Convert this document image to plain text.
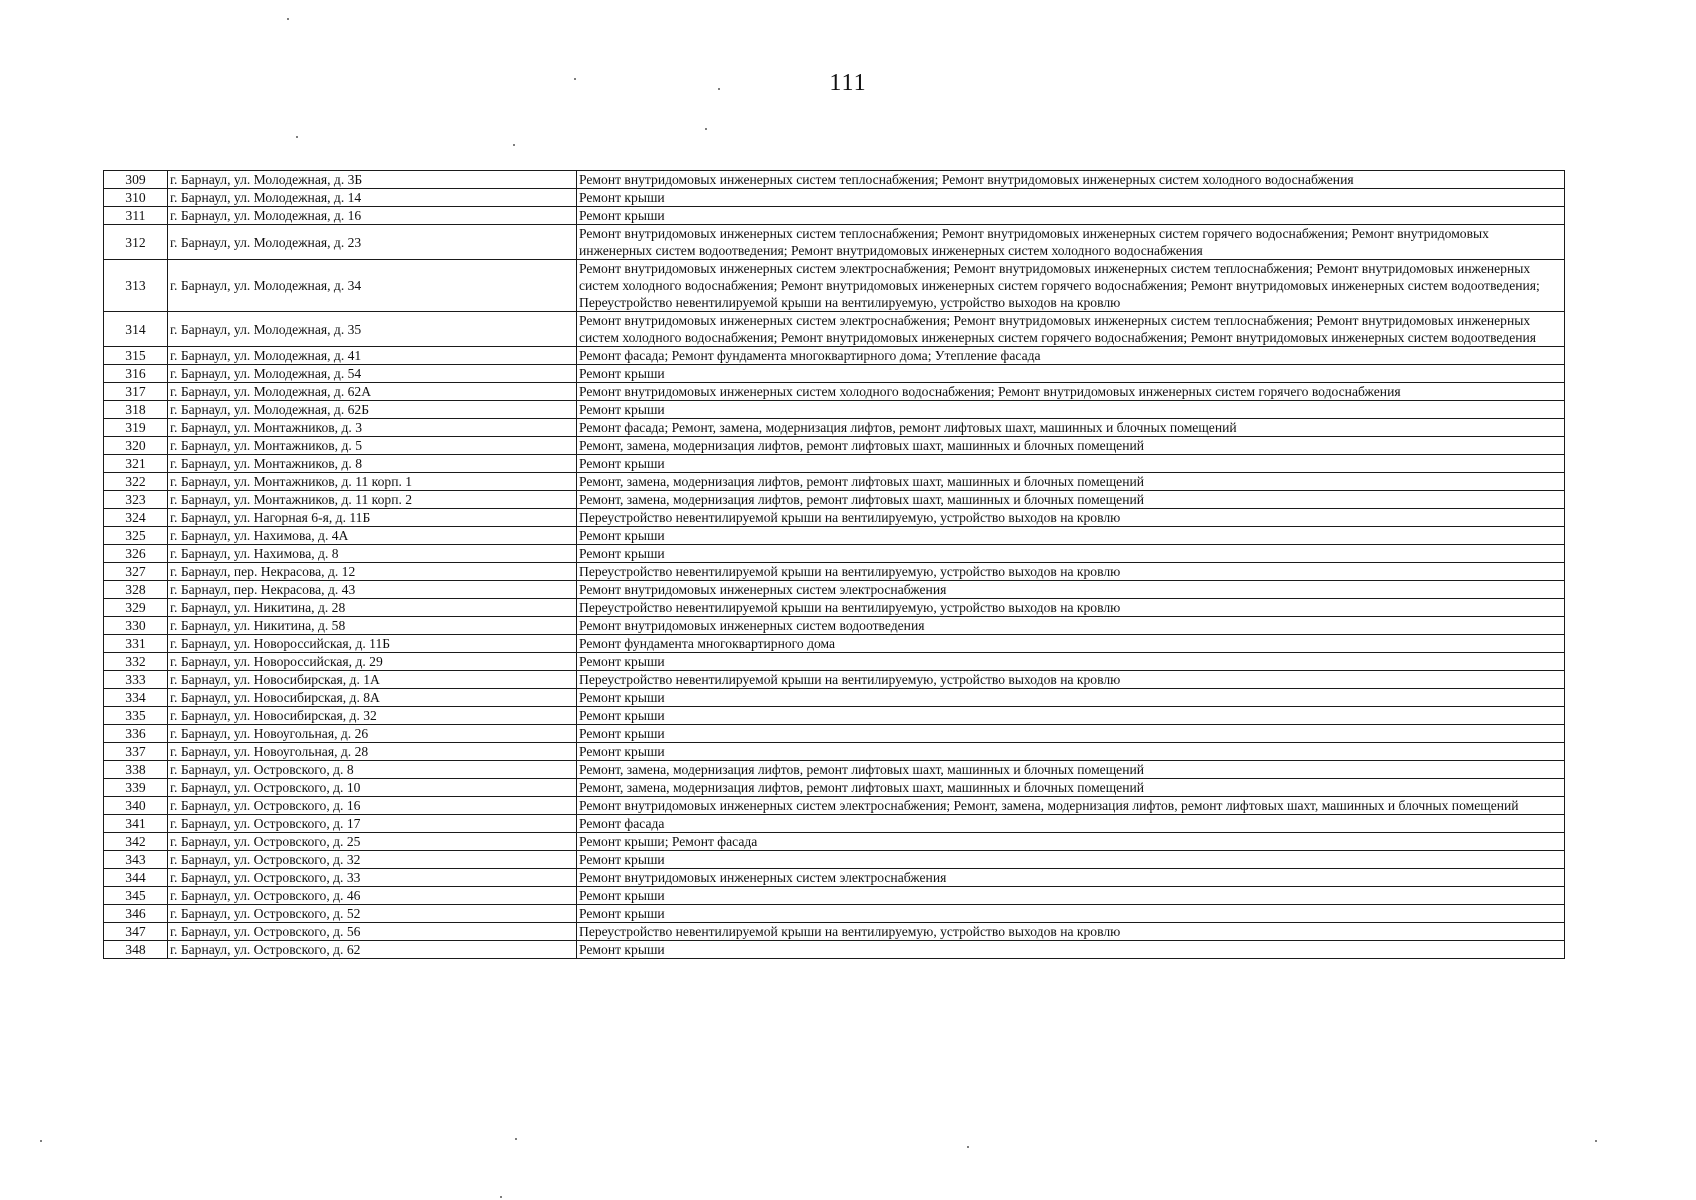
111
309	г. Барнаул, ул. Молодежная, д. 3Б	Ремонт внутридомовых инженерных систем теплоснабжения; Ремонт внутридомовых инженерных систем холодного водоснабжения
310	г. Барнаул, ул. Молодежная, д. 14	Ремонт крыши
311	г. Барнаул, ул. Молодежная, д. 16	Ремонт крыши
312	г. Барнаул, ул. Молодежная, д. 23	Ремонт внутридомовых инженерных систем теплоснабжения; Ремонт внутридомовых инженерных систем горячего водоснабжения; Ремонт внутридомовых инженерных систем водоотведения; Ремонт внутридомовых инженерных систем холодного водоснабжения
313	г. Барнаул, ул. Молодежная, д. 34	Ремонт внутридомовых инженерных систем электроснабжения; Ремонт внутридомовых инженерных систем теплоснабжения; Ремонт внутридомовых инженерных систем холодного водоснабжения; Ремонт внутридомовых инженерных систем горячего водоснабжения; Ремонт внутридомовых инженерных систем водоотведения; Переустройство невентилируемой крыши на вентилируемую, устройство выходов на кровлю
314	г. Барнаул, ул. Молодежная, д. 35	Ремонт внутридомовых инженерных систем электроснабжения; Ремонт внутридомовых инженерных систем теплоснабжения; Ремонт внутридомовых инженерных систем холодного водоснабжения; Ремонт внутридомовых инженерных систем горячего водоснабжения; Ремонт внутридомовых инженерных систем водоотведения
315	г. Барнаул, ул. Молодежная, д. 41	Ремонт фасада; Ремонт фундамента многоквартирного дома; Утепление фасада
316	г. Барнаул, ул. Молодежная, д. 54	Ремонт крыши
317	г. Барнаул, ул. Молодежная, д. 62А	Ремонт внутридомовых инженерных систем холодного водоснабжения; Ремонт внутридомовых инженерных систем горячего водоснабжения
318	г. Барнаул, ул. Молодежная, д. 62Б	Ремонт крыши
319	г. Барнаул, ул. Монтажников, д. 3	Ремонт фасада; Ремонт, замена, модернизация лифтов, ремонт лифтовых шахт, машинных и блочных помещений
320	г. Барнаул, ул. Монтажников, д. 5	Ремонт, замена, модернизация лифтов, ремонт лифтовых шахт, машинных и блочных помещений
321	г. Барнаул, ул. Монтажников, д. 8	Ремонт крыши
322	г. Барнаул, ул. Монтажников, д. 11 корп. 1	Ремонт, замена, модернизация лифтов, ремонт лифтовых шахт, машинных и блочных помещений
323	г. Барнаул, ул. Монтажников, д. 11 корп. 2	Ремонт, замена, модернизация лифтов, ремонт лифтовых шахт, машинных и блочных помещений
324	г. Барнаул, ул. Нагорная 6-я, д. 11Б	Переустройство невентилируемой крыши на вентилируемую, устройство выходов на кровлю
325	г. Барнаул, ул. Нахимова, д. 4А	Ремонт крыши
326	г. Барнаул, ул. Нахимова, д. 8	Ремонт крыши
327	г. Барнаул, пер. Некрасова, д. 12	Переустройство невентилируемой крыши на вентилируемую, устройство выходов на кровлю
328	г. Барнаул, пер. Некрасова, д. 43	Ремонт внутридомовых инженерных систем электроснабжения
329	г. Барнаул, ул. Никитина, д. 28	Переустройство невентилируемой крыши на вентилируемую, устройство выходов на кровлю
330	г. Барнаул, ул. Никитина, д. 58	Ремонт внутридомовых инженерных систем водоотведения
331	г. Барнаул, ул. Новороссийская, д. 11Б	Ремонт фундамента многоквартирного дома
332	г. Барнаул, ул. Новороссийская, д. 29	Ремонт крыши
333	г. Барнаул, ул. Новосибирская, д. 1А	Переустройство невентилируемой крыши на вентилируемую, устройство выходов на кровлю
334	г. Барнаул, ул. Новосибирская, д. 8А	Ремонт крыши
335	г. Барнаул, ул. Новосибирская, д. 32	Ремонт крыши
336	г. Барнаул, ул. Новоугольная, д. 26	Ремонт крыши
337	г. Барнаул, ул. Новоугольная, д. 28	Ремонт крыши
338	г. Барнаул, ул. Островского, д. 8	Ремонт, замена, модернизация лифтов, ремонт лифтовых шахт, машинных и блочных помещений
339	г. Барнаул, ул. Островского, д. 10	Ремонт, замена, модернизация лифтов, ремонт лифтовых шахт, машинных и блочных помещений
340	г. Барнаул, ул. Островского, д. 16	Ремонт внутридомовых инженерных систем электроснабжения; Ремонт, замена, модернизация лифтов, ремонт лифтовых шахт, машинных и блочных помещений
341	г. Барнаул, ул. Островского, д. 17	Ремонт фасада
342	г. Барнаул, ул. Островского, д. 25	Ремонт крыши; Ремонт фасада
343	г. Барнаул, ул. Островского, д. 32	Ремонт крыши
344	г. Барнаул, ул. Островского, д. 33	Ремонт внутридомовых инженерных систем электроснабжения
345	г. Барнаул, ул. Островского, д. 46	Ремонт крыши
346	г. Барнаул, ул. Островского, д. 52	Ремонт крыши
347	г. Барнаул, ул. Островского, д. 56	Переустройство невентилируемой крыши на вентилируемую, устройство выходов на кровлю
348	г. Барнаул, ул. Островского, д. 62	Ремонт крыши
